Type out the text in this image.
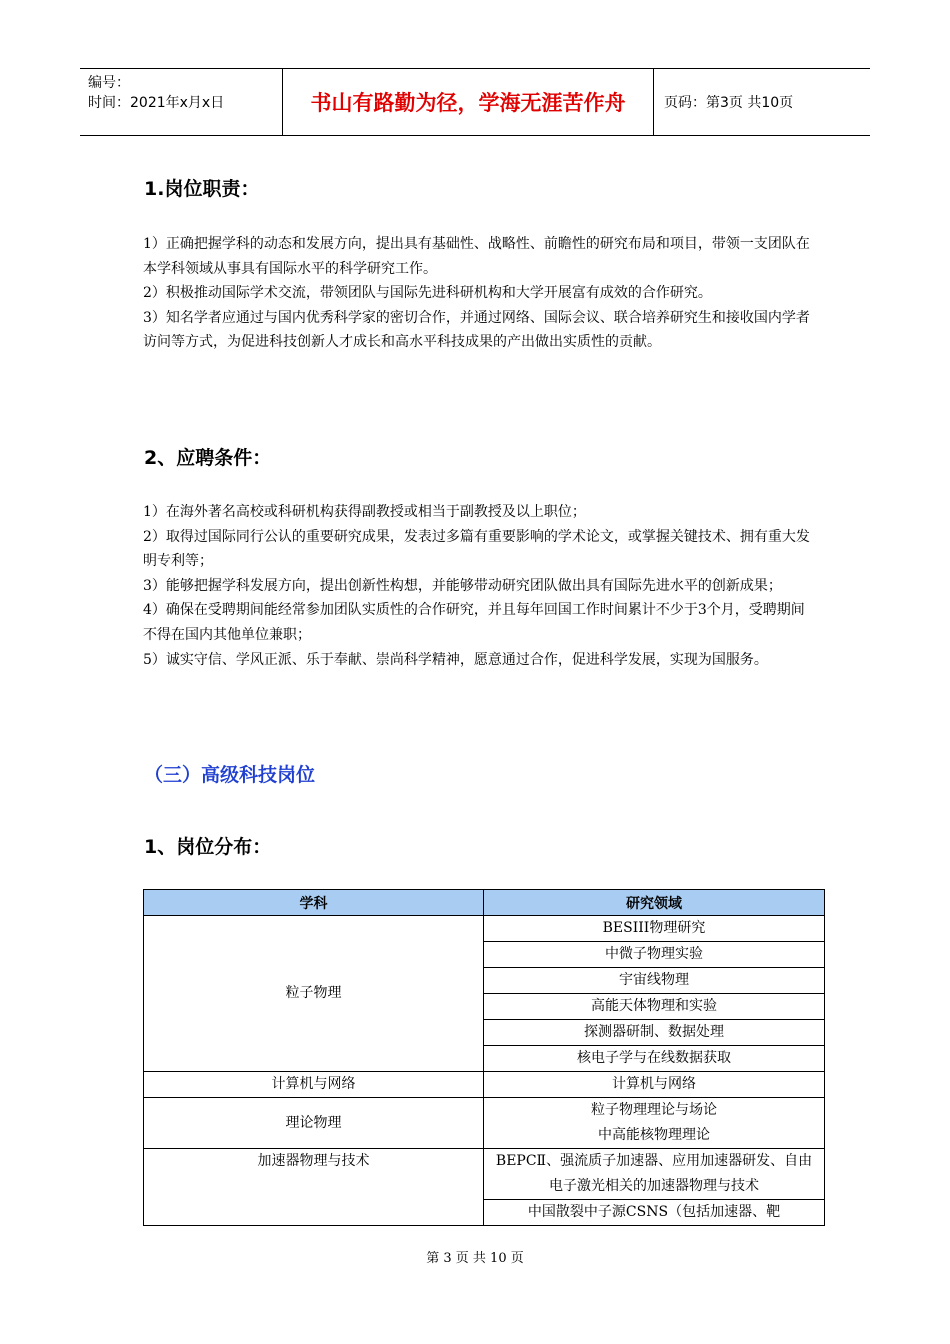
编号：
时间：2021年x月x日	书山有路勤为径，学海无涯苦作舟	页码：第3页 共10页
1.岗位职责：

1）正确把握学科的动态和发展方向，提出具有基础性、战略性、前瞻性的研究布局和项目，带领一支团队在本学科领域从事具有国际水平的科学研究工作。

2）积极推动国际学术交流，带领团队与国际先进科研机构和大学开展富有成效的合作研究。

3）知名学者应通过与国内优秀科学家的密切合作，并通过网络、国际会议、联合培养研究生和接收国内学者访问等方式，为促进科技创新人才成长和高水平科技成果的产出做出实质性的贡献。

2、应聘条件：

1）在海外著名高校或科研机构获得副教授或相当于副教授及以上职位；

2）取得过国际同行公认的重要研究成果，发表过多篇有重要影响的学术论文，或掌握关键技术、拥有重大发明专利等；

3）能够把握学科发展方向，提出创新性构想，并能够带动研究团队做出具有国际先进水平的创新成果；

4）确保在受聘期间能经常参加团队实质性的合作研究，并且每年回国工作时间累计不少于3个月，受聘期间不得在国内其他单位兼职；

5）诚实守信、学风正派、乐于奉献、崇尚科学精神，愿意通过合作，促进科学发展，实现为国服务。

（三）高级科技岗位
1、岗位分布：
学科	研究领域
粒子物理	BESIII物理研究
	中微子物理实验
	宇宙线物理
	高能天体物理和实验
	探测器研制、数据处理
	核电子学与在线数据获取
计算机与网络	计算机与网络
理论物理	粒子物理理论与场论
中高能核物理理论

加速器物理与技术	BEPCⅡ、强流质子加速器、应用加速器研发、自由电子激光相关的加速器物理与技术
	中国散裂中子源CSNS（包括加速器、靶
第 3 页 共 10 页
